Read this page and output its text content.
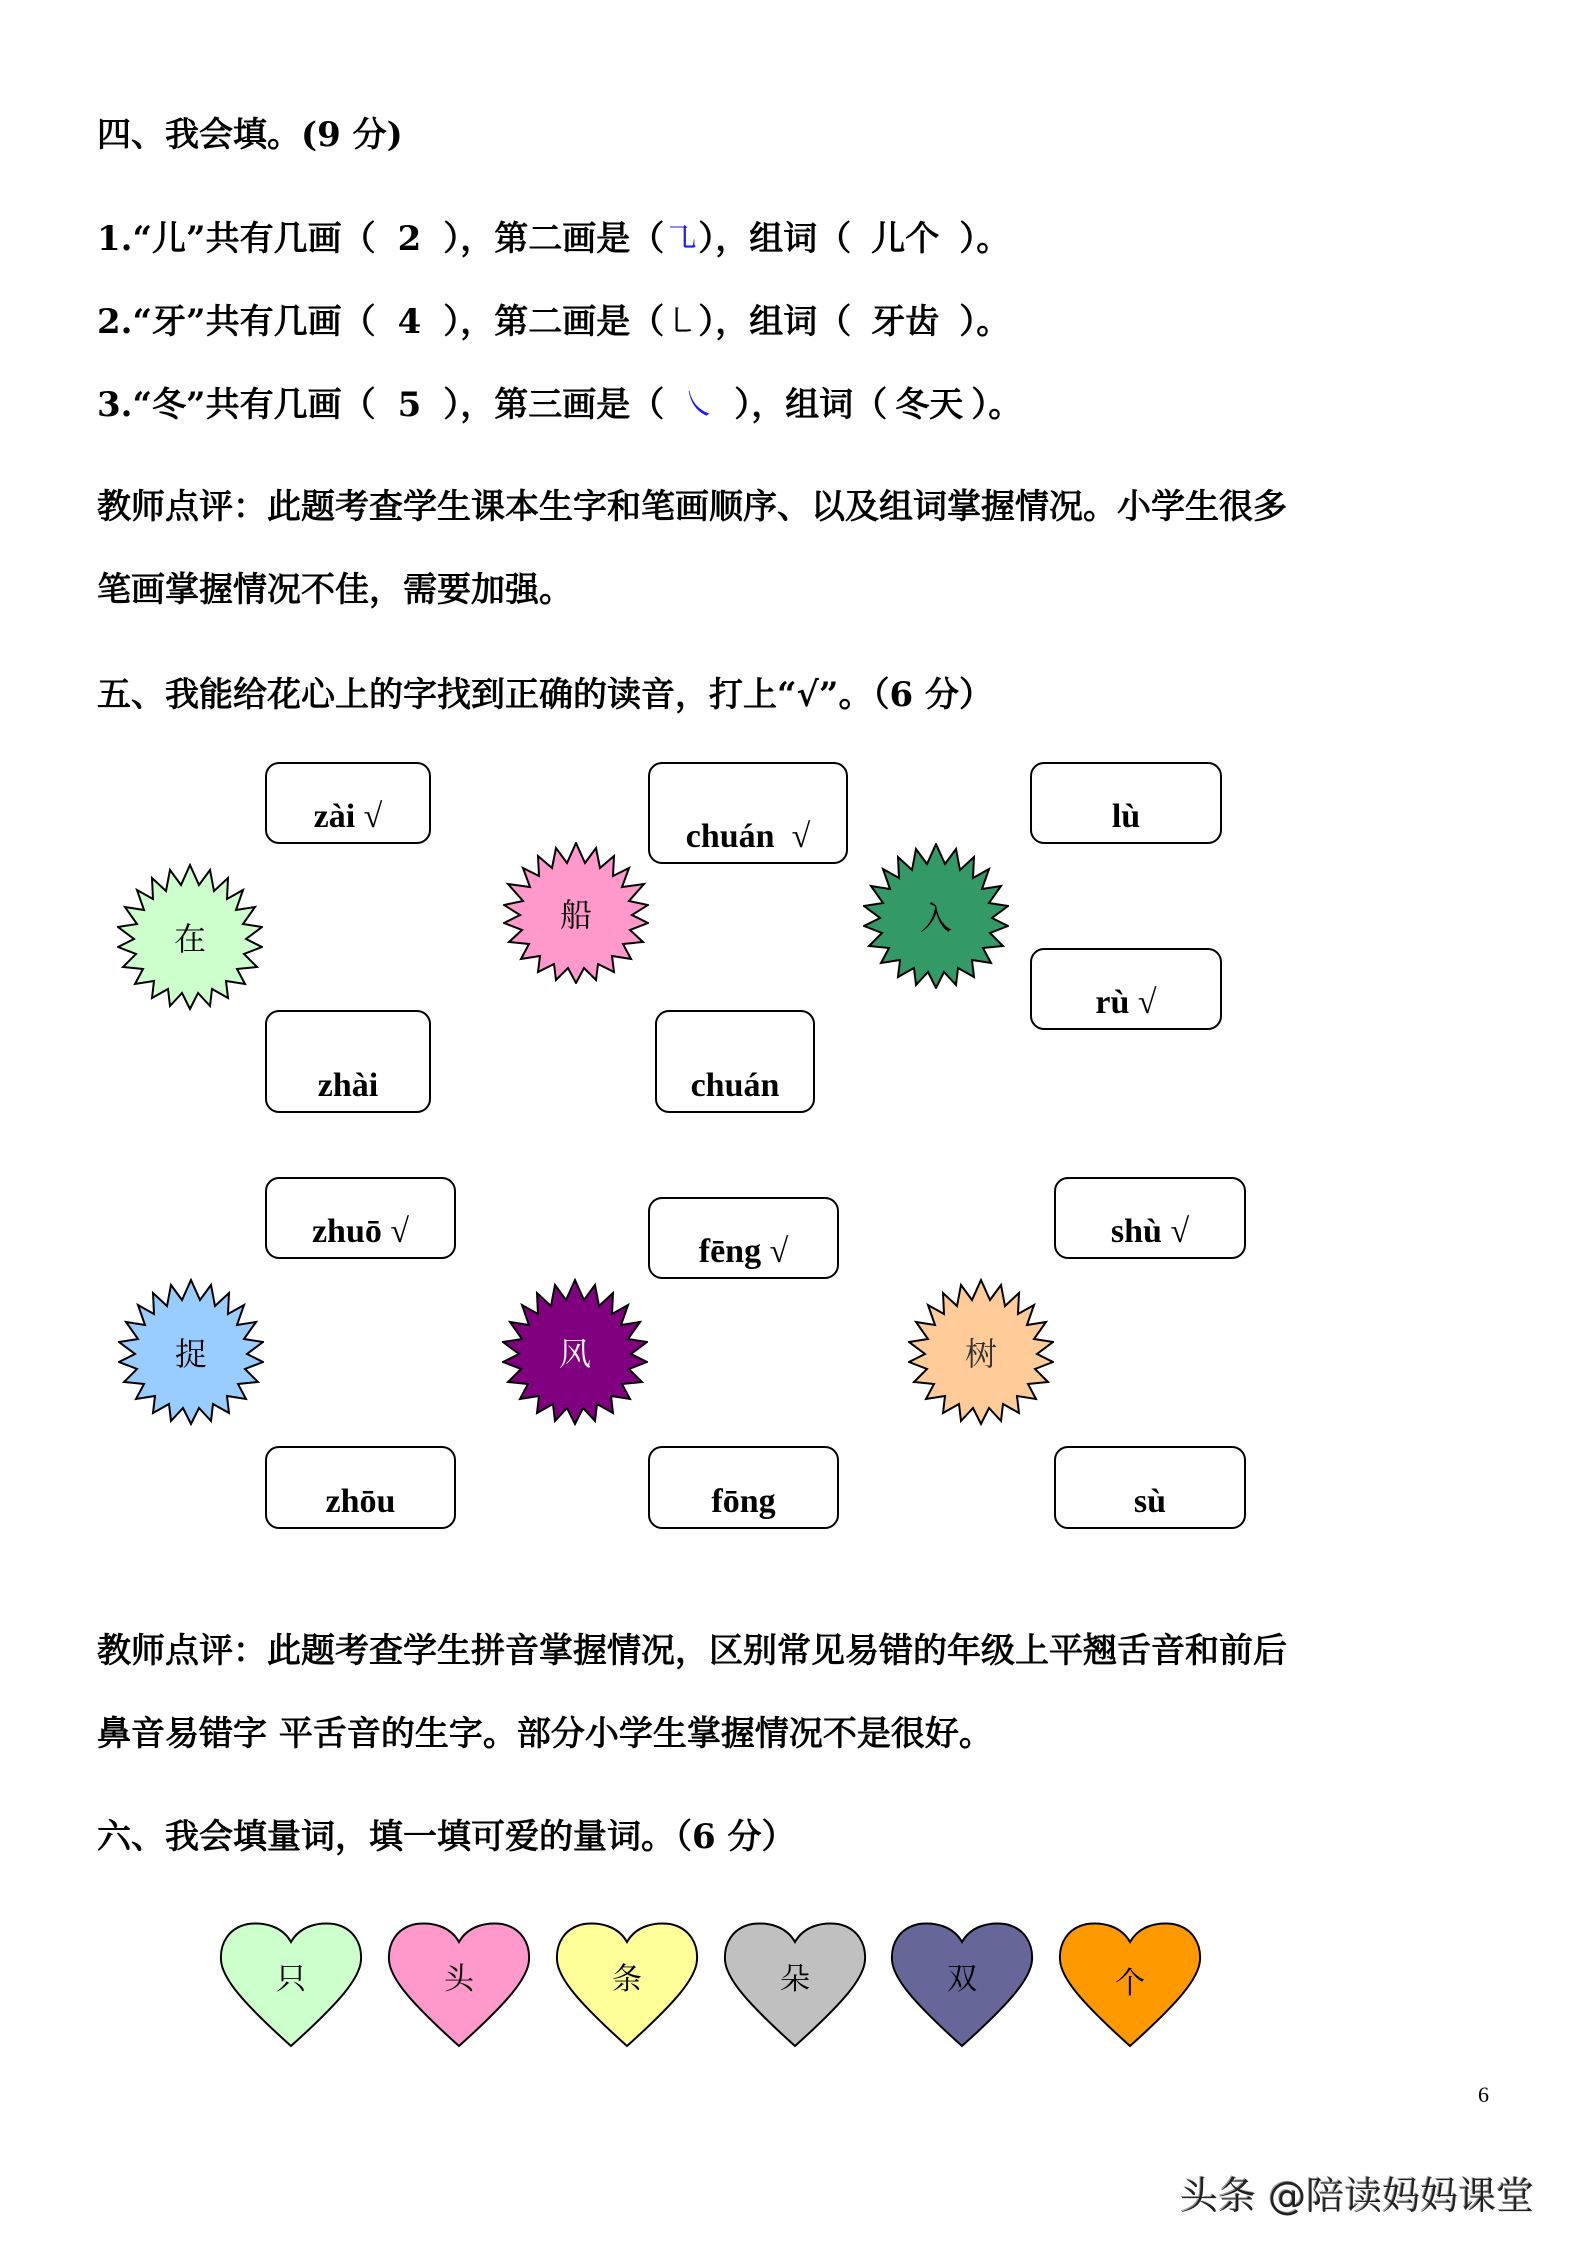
四、我会填。(9 分)
1.“儿”共有几画（ 2 ），第二画是（ ㇈ ），组词（ 儿个 ）。
2.“牙”共有几画（ 4 ），第二画是（ ㇄ ），组词（ 牙齿 ）。
3.“冬”共有几画（ 5 ），第三画是（ ㇏ ），组词（ 冬天 ）。
教师点评：此题考查学生课本生字和笔画顺序、以及组词掌握情况。小学生很多
笔画掌握情况不佳，需要加强。
五、我能给花心上的字找到正确的读音，打上“√”。（6 分）
zài √
zhài
chuán  √
chuán
lù
rù √
在
船	入
zhuō √
zhōu
fēng √
fōng
shù √
sù
捉	风	树
教师点评：此题考查学生拼音掌握情况，区别常见易错的年级上平翘舌音和前后
鼻音易错字 平舌音的生字。部分小学生掌握情况不是很好。
六、我会填量词，填一填可爱的量词。（6 分）
只	头	条	朵	双	个
6
头条 @陪读妈妈课堂
